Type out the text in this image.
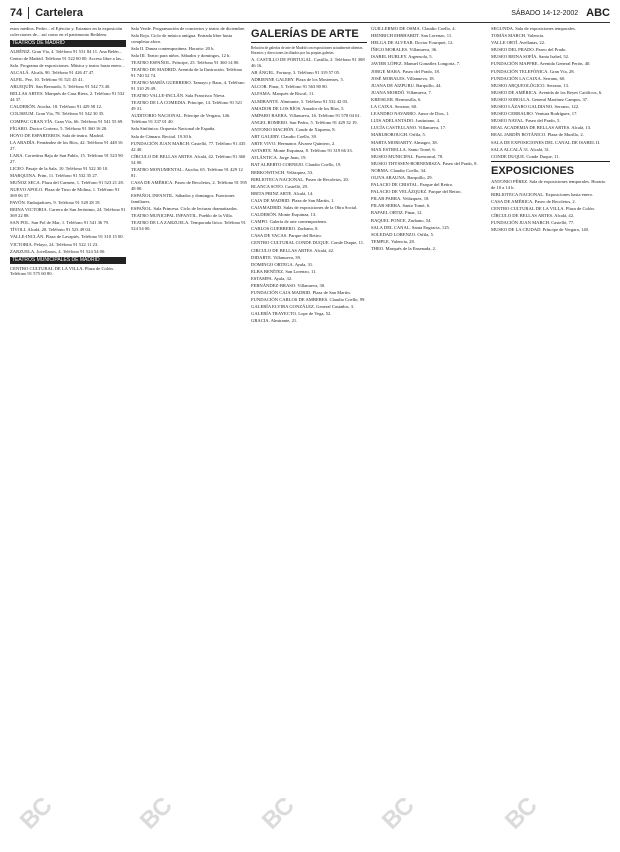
74	Cartelera	SÁBADO 14-12-2002 ABC

estos medios. Pedro... el Ejército y. Estamos en la exposición colecciones de... así como en el patrimonio Bethlem.

TEATROS DE MADRID

ALBÉNIZ. Gran Vía, 4. Teléfono 91 531 84 11. Ana Belén...

Centro de Madrid. Teléfono 91 522 00 00. Acceso libre a las...

Sala. Programa de exposiciones. Música y teatro hasta enero...

ALCALÁ. Alcalá, 90. Teléfono 91 426 47 47.

ALFIL. Pez, 10. Teléfono 91 521 45 41.

ARLEQUÍN. San Bernardo, 5. Teléfono 91 542 73 40.

BELLAS ARTES. Marqués de Casa Riera, 2. Teléfono 91 532 44 37.

CALDERÓN. Atocha, 18. Teléfono 91 429 58 12.

COLISEUM. Gran Vía, 78. Teléfono 91 542 30 35.

COMPAC GRAN VÍA. Gran Vía, 66. Teléfono 91 541 55 69.

FÍGARO. Doctor Cortezo, 5. Teléfono 91 360 16 20.

HOYO DE ESPARTEROS. Sala de teatro. Madrid.

LA ABADÍA. Fernández de los Ríos, 42. Teléfono 91 448 16 27.

LARA. Corredera Baja de San Pablo, 15. Teléfono 91 523 90 27.

LICEO. Pasaje de la Sala, 10. Teléfono 91 522 30 10.

MARQUINA. Prim, 11. Teléfono 91 532 35 27.

MUÑOZ SECA. Plaza del Carmen, 1. Teléfono 91 523 21 28.

NUEVO APOLO. Plaza de Tirso de Molina, 1. Teléfono 91 369 06 37.

PAVÓN. Embajadores, 9. Teléfono 91 528 28 19.

REINA VICTORIA. Carrera de San Jerónimo, 24. Teléfono 91 369 22 88.

SAN POL. San Pol de Mar, 1. Teléfono 91 541 36 79.

TÍVOLI. Alcalá, 20. Teléfono 91 523 49 04.

VALLE-INCLÁN. Plaza de Lavapiés. Teléfono 91 310 15 00.

VICTORIA. Pelayo, 24. Teléfono 91 522 11 23.

ZARZUELA. Jovellanos, 4. Teléfono 91 524 54 00.

TEATROS MUNICIPALES DE MADRID

CENTRO CULTURAL DE LA VILLA. Plaza de Colón. Teléfono 91 575 60 80.

Sala Verde. Programación de conciertos y teatro de diciembre.

Sala Roja. Ciclo de música antigua. Entrada libre hasta completar aforo.

Sala II. Danza contemporánea. Horario: 20 h.

Sala III. Teatro para niños. Sábados y domingos, 12 h.

TEATRO ESPAÑOL. Príncipe, 25. Teléfono 91 360 14 80.

TEATRO DE MADRID. Avenida de la Ilustración. Teléfono 91 740 52 74.

TEATRO MARÍA GUERRERO. Tamayo y Baus, 4. Teléfono 91 310 29 49.

TEATRO VALLE-INCLÁN. Sala Francisco Nieva.

TEATRO DE LA COMEDIA. Príncipe, 14. Teléfono 91 521 49 31.

AUDITORIO NACIONAL. Príncipe de Vergara, 146. Teléfono 91 337 01 40.

Sala Sinfónica. Orquesta Nacional de España.

Sala de Cámara. Recital. 19.30 h.

FUNDACIÓN JUAN MARCH. Castelló, 77. Teléfono 91 435 42 40.

CÍRCULO DE BELLAS ARTES. Alcalá, 42. Teléfono 91 360 54 00.

TEATRO MONUMENTAL. Atocha, 65. Teléfono 91 429 12 81.

CASA DE AMÉRICA. Paseo de Recoletos, 2. Teléfono 91 595 48 00.

ESPAÑOL INFANTIL. Sábados y domingos. Funciones familiares.

ESPAÑOL. Sala Princesa. Ciclo de lecturas dramatizadas.

TEATRO MUNICIPAL INFANTIL. Pueblo de la Villa.

TEATRO DE LA ZARZUELA. Temporada lírica. Teléfono 91 524 54 00.

GALERÍAS DE ARTE
Relación de galerías de arte de Madrid con exposiciones actualmente abiertas. Horarios y direcciones facilitados por las propias galerías.

A. CASTILLO DE PORTUGAL. Castilla, 2. Teléfono 91 308 46 16.

AB ÁNGEL. Fortuny, 3. Teléfono 91 319 57 05.

ADRIENNE GALERY. Plaza de los Mostenses, 5.

ALCOR. Pinar, 5. Teléfono 91 563 80 80.

ALFAMA. Marqués de Riscal, 11.

ALMIRANTE. Almirante, 5. Teléfono 91 532 42 03.

AMADOR DE LOS RÍOS. Amador de los Ríos, 5.

AMPARO BAERA. Villanueva, 16. Teléfono 91 578 04 61.

ANGEL ROMERO. San Pedro, 5. Teléfono 91 429 32 19.

ANTONIO MACHÓN. Conde de Xiquena, 8.

ART GALERY. Claudio Coello, 39.

ARTE VIVO. Hermanos Álvarez Quintero, 2.

ASTARTE. Monte Esquinza, 8. Teléfono 91 319 66 33.

ATLÁNTICA. Jorge Juan, 19.

BAT ALBERTO CORNEJO. Claudio Coello, 19.

BERKOWITSCH. Velázquez, 53.

BIBLIOTECA NACIONAL. Paseo de Recoletos, 20.

BLANCA SOTO. Castelló, 29.

BRITA PRINZ ARTE. Alcalá, 14.

CAJA DE MADRID. Plaza de San Martín, 1.

CAJAMADRID. Salas de exposiciones de la Obra Social.

CALDERÓN. Monte Esquinza, 13.

CAMPO. Galería de arte contemporáneo.

CARLOS GUERRERO. Zurbano, 8.

CASA DE VACAS. Parque del Retiro.

CENTRO CULTURAL CONDE DUQUE. Conde Duque, 11.

CIRCULO DE BELLAS ARTES. Alcalá, 42.

DIDARTE. Villanueva, 39.

DOMINGO ORTEGA. Ayala, 31.

ELBA BENÍTEZ. San Lorenzo, 11.

ESTAMPA. Ayala, 32.

FERNÁNDEZ-BRASO. Villanueva, 30.

FUNDACIÓN CAJA MADRID. Plaza de San Martín.

FUNDACIÓN CARLOS DE AMBERES. Claudio Coello, 99.

GALERÍA ELVIRA GONZÁLEZ. General Castaños, 3.

GALERÍA TRAYECTO. Lope de Vega, 52.

GRACIA. Almirante, 21.

GUILLERMO DE OSMA. Claudio Coello, 4.

HEINRICH EHRHARDT. San Lorenzo, 11.

HELGA DE ALVEAR. Doctor Fourquet, 12.

ÍÑIGO MORALES. Villanueva, 36.

ISABEL HURLEY. Argensola, 5.

JAVIER LÓPEZ. Manuel González Longoria, 7.

JORGE MARA. Paseo del Prado, 18.

JOSÉ MORALES. Villanueva, 18.

JUANA DE AIZPURU. Barquillo, 44.

JUANA MORDÓ. Villanueva, 7.

KREISLER. Hermosilla, 6.

LA CAIXA. Serrano, 60.

LEANDRO NAVARRO. Amor de Dios, 1.

LUIS ADELANTADO. Justiniano, 4.

LUCÍA CASTELLANO. Villanueva, 17.

MARLBOROUGH. Orfila, 5.

MARTA MORIARTY. Almagro, 38.

MAX ESTRELLA. Santo Tomé, 6.

MUSEO MUNICIPAL. Fuencarral, 78.

MUSEO THYSSEN-BORNEMISZA. Paseo del Prado, 8.

NORMA. Claudio Coello, 34.

OLIVA ARAUNA. Barquillo, 29.

PALACIO DE CRISTAL. Parque del Retiro.

PALACIO DE VELÁZQUEZ. Parque del Retiro.

PILAR PARRA. Velázquez, 18.

PILAR SERRA. Santo Tomé, 6.

RAFAEL ORTIZ. Pinar, 12.

RAQUEL PONCE. Zurbano, 54.

SALA DEL CANAL. Santa Engracia, 125.

SOLEDAD LORENZO. Orfila, 5.

TEMPLE. Valencia, 28.

THEO. Marqués de la Ensenada, 2.

SEGUNDA. Sala de exposiciones temporales.

TOMÁS MARCH. Valencia.

VALLE ORTÍ. Avellanas, 22.

MUSEO DEL PRADO. Paseo del Prado.

MUSEO REINA SOFÍA. Santa Isabel, 52.

FUNDACIÓN MAPFRE. Avenida General Perón, 40.

FUNDACIÓN TELEFÓNICA. Gran Vía, 28.

FUNDACIÓN LA CAIXA. Serrano, 60.

MUSEO ARQUEOLÓGICO. Serrano, 13.

MUSEO DE AMÉRICA. Avenida de los Reyes Católicos, 6.

MUSEO SOROLLA. General Martínez Campos, 37.

MUSEO LÁZARO GALDIANO. Serrano, 122.

MUSEO CERRALBO. Ventura Rodríguez, 17.

MUSEO NAVAL. Paseo del Prado, 5.

REAL ACADEMIA DE BELLAS ARTES. Alcalá, 13.

REAL JARDÍN BOTÁNICO. Plaza de Murillo, 2.

SALA DE EXPOSICIONES DEL CANAL DE ISABEL II.

SALA ALCALÁ 31. Alcalá, 31.

CONDE DUQUE. Conde Duque, 11.

EXPOSICIONES

ANTONIO PÉREZ. Sala de exposiciones temporales. Horario de 10 a 14 h.

BIBLIOTECA NACIONAL. Exposiciones hasta enero.

CASA DE AMÉRICA. Paseo de Recoletos, 2.

CENTRO CULTURAL DE LA VILLA. Plaza de Colón.

CÍRCULO DE BELLAS ARTES. Alcalá, 42.

FUNDACIÓN JUAN MARCH. Castelló, 77.

MUSEO DE LA CIUDAD. Príncipe de Vergara, 140.

BC	BC	BC	BC	BC
